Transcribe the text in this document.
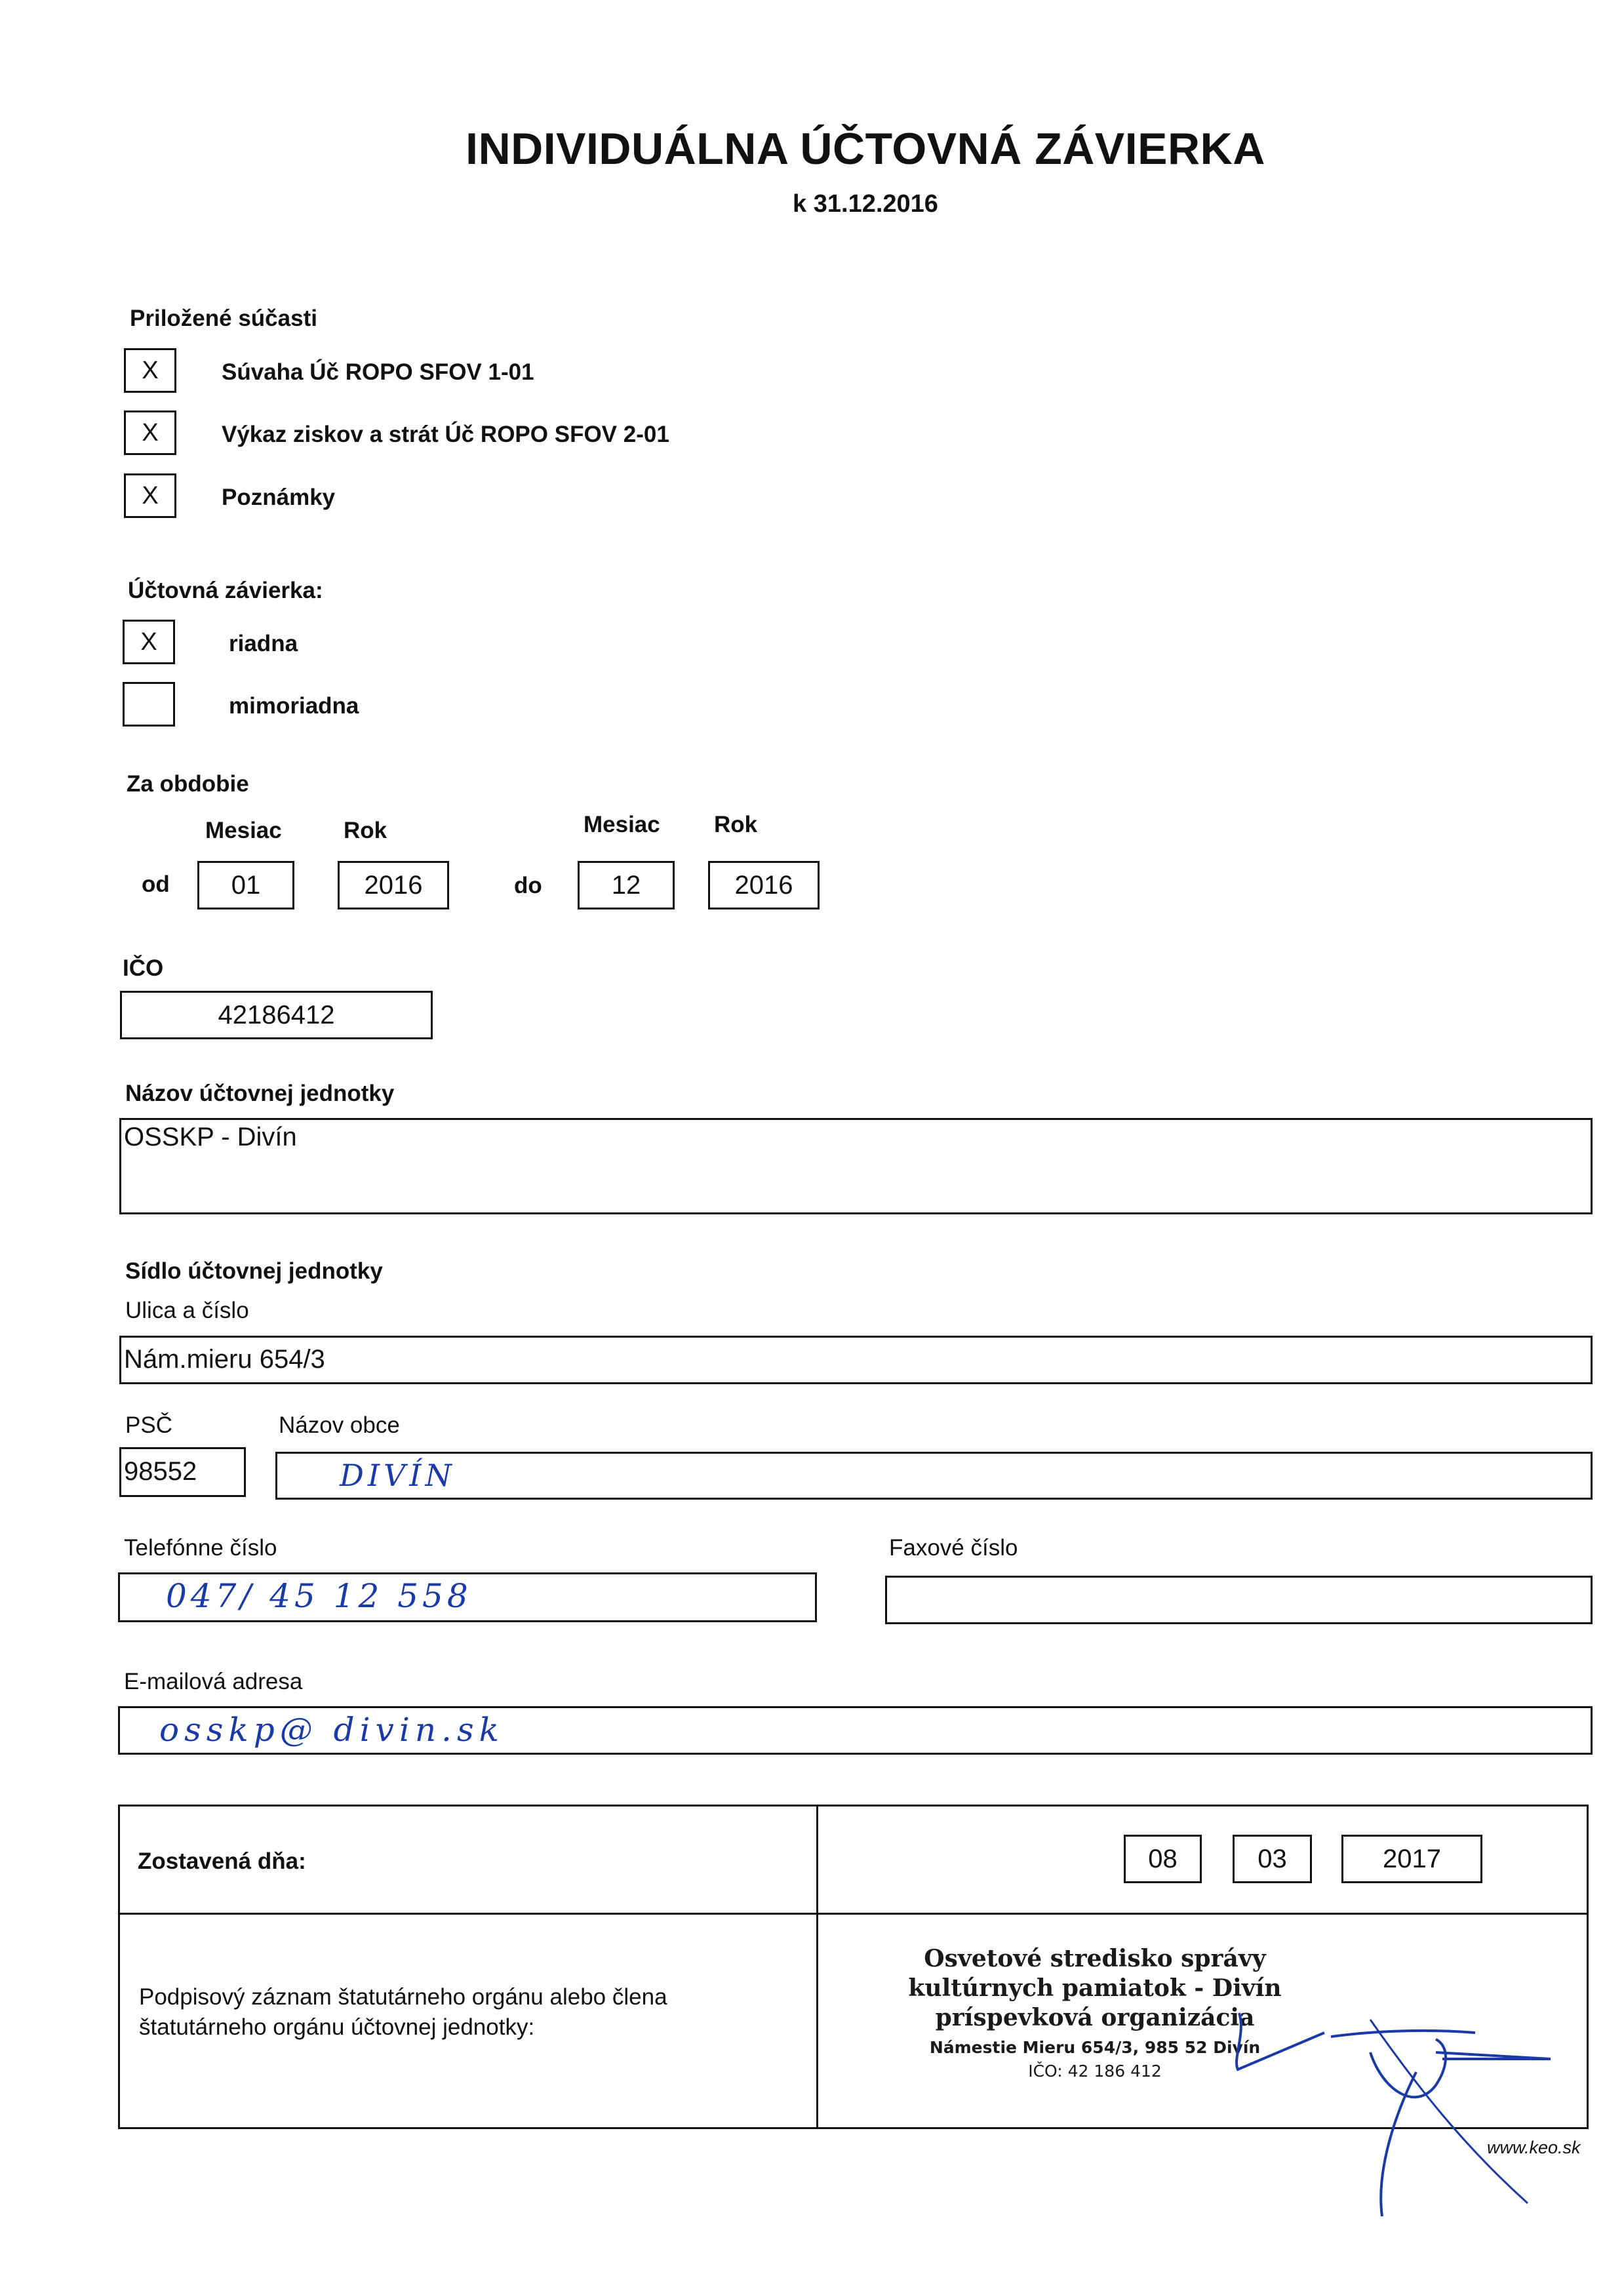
INDIVIDUÁLNA ÚČTOVNÁ ZÁVIERKA
k 31.12.2016
Priložené súčasti
X	Súvaha Úč ROPO SFOV 1-01
X	Výkaz ziskov a strát Úč ROPO SFOV 2-01
X	Poznámky
Účtovná závierka:
X	riadna
mimoriadna
Za obdobie
Mesiac	Rok	Mesiac Rok
od	01	2016	do	12	2016
IČO
42186412
Názov účtovnej jednotky
OSSKP - Divín
Sídlo účtovnej jednotky
Ulica a číslo
Nám.mieru 654/3
PSČ	Názov obce
98552	DIVÍN
Telefónne číslo	Faxové číslo
047/ 45 12 558
E-mailová adresa
osskp@ divin.sk
Zostavená dňa:	08	03	2017
Podpisový záznam štatutárneho orgánu alebo člena
štatutárneho orgánu účtovnej jednotky:
Osvetové stredisko správy
kultúrnych pamiatok - Divín
príspevková organizácia
Námestie Mieru 654/3, 985 52 Divín
IČO: 42 186 412
www.keo.sk
